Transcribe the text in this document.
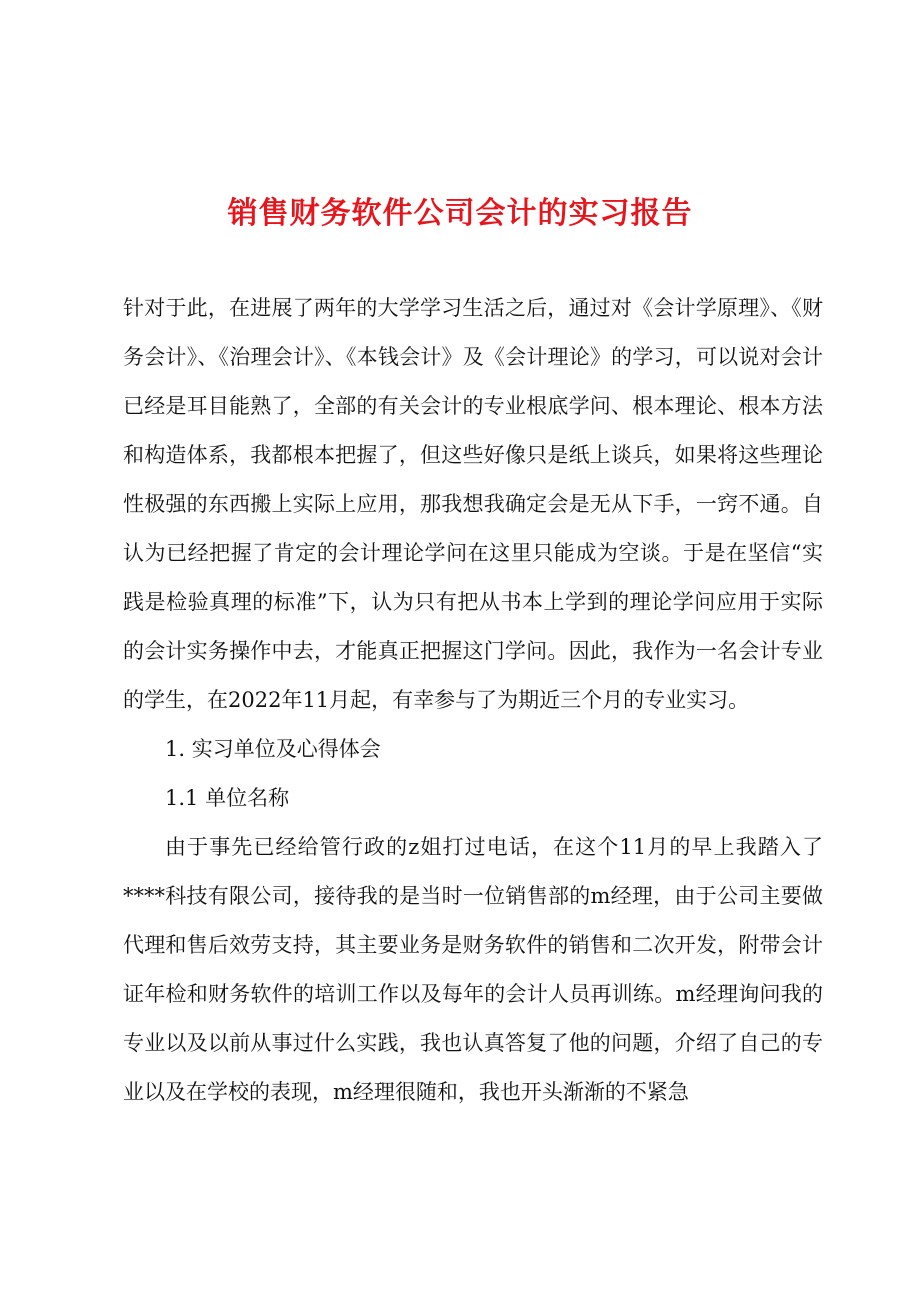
销售财务软件公司会计的实习报告

针对于此，在进展了两年的大学学习生活之后，通过对《会计学原理》、《财务会计》、《治理会计》、《本钱会计》及《会计理论》的学习，可以说对会计已经是耳目能熟了，全部的有关会计的专业根底学问、根本理论、根本方法和构造体系，我都根本把握了，但这些好像只是纸上谈兵，如果将这些理论性极强的东西搬上实际上应用，那我想我确定会是无从下手，一窍不通。自认为已经把握了肯定的会计理论学问在这里只能成为空谈。于是在坚信“实践是检验真理的标准”下，认为只有把从书本上学到的理论学问应用于实际的会计实务操作中去，才能真正把握这门学问。因此，我作为一名会计专业的学生，在2022年11月起，有幸参与了为期近三个月的专业实习。

1. 实习单位及心得体会

1.1 单位名称

由于事先已经给管行政的z姐打过电话，在这个11月的早上我踏入了****科技有限公司，接待我的是当时一位销售部的m经理，由于公司主要做代理和售后效劳支持，其主要业务是财务软件的销售和二次开发，附带会计证年检和财务软件的培训工作以及每年的会计人员再训练。m经理询问我的专业以及以前从事过什么实践，我也认真答复了他的问题，介绍了自己的专业以及在学校的表现，m经理很随和，我也开头渐渐的不紧急
